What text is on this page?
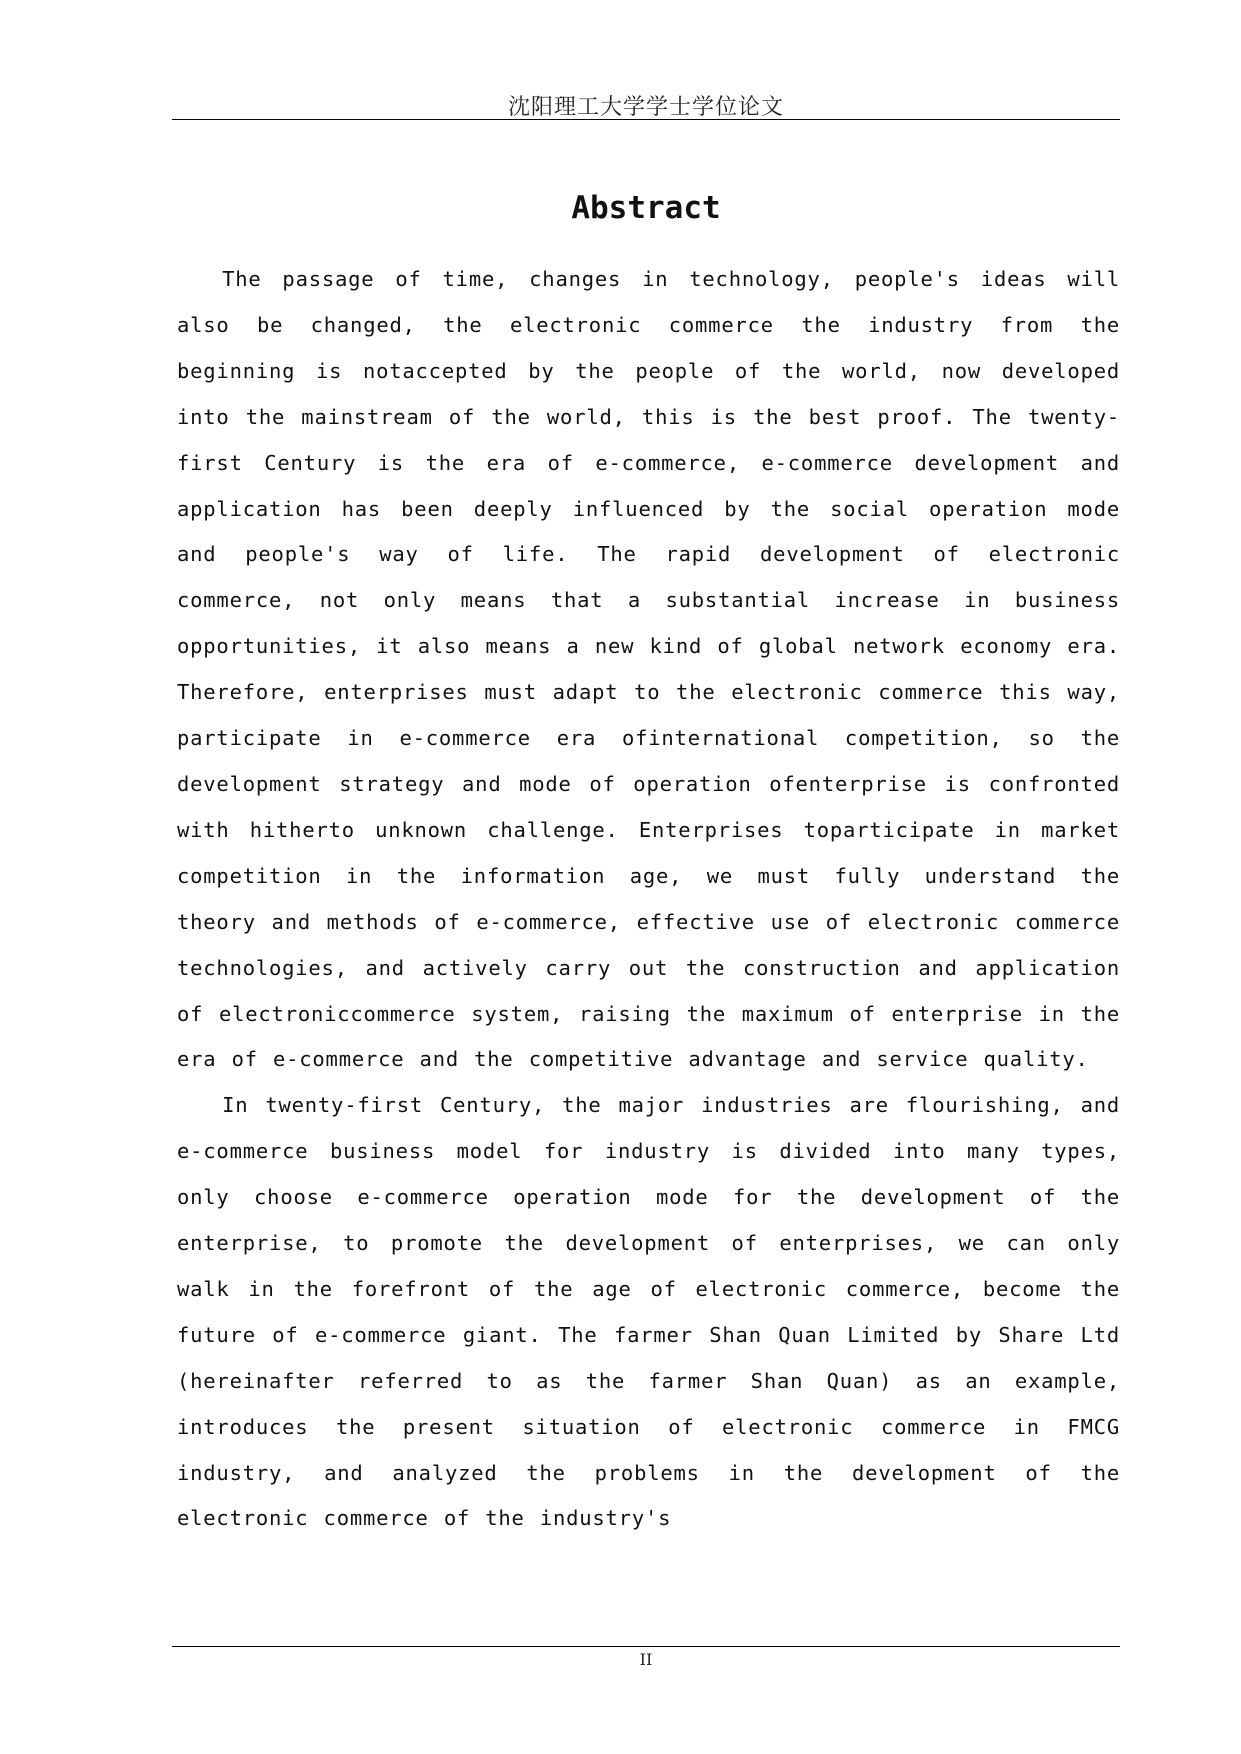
沈阳理工大学学士学位论文
Abstract

The passage of time, changes in technology, people's ideas will also be changed, the electronic commerce the industry from the beginning is notaccepted by the people of the world, now developed into the mainstream of the world, this is the best proof. The twenty-first Century is the era of e-commerce, e-commerce development and application has been deeply influenced by the social operation mode and people's way of life. The rapid development of electronic commerce, not only means that a substantial increase in business opportunities, it also means a new kind of global network economy era. Therefore, enterprises must adapt to the electronic commerce this way, participate in e-commerce era ofinternational competition, so the development strategy and mode of operation ofenterprise is confronted with hitherto unknown challenge. Enterprises toparticipate in market competition in the information age, we must fully understand the theory and methods of e-commerce, effective use of electronic commerce technologies, and actively carry out the construction and application of electroniccommerce system, raising the maximum of enterprise in the era of e-commerce and the competitive advantage and service quality.

In twenty-first Century, the major industries are flourishing, and e-commerce business model for industry is divided into many types, only choose e-commerce operation mode for the development of the enterprise, to promote the development of enterprises, we can only walk in the forefront of the age of electronic commerce, become the future of e-commerce giant. The farmer Shan Quan Limited by Share Ltd (hereinafter referred to as the farmer Shan Quan) as an example, introduces the present situation of electronic commerce in FMCG industry, and analyzed the problems in the development of the electronic commerce of the industry's

II
